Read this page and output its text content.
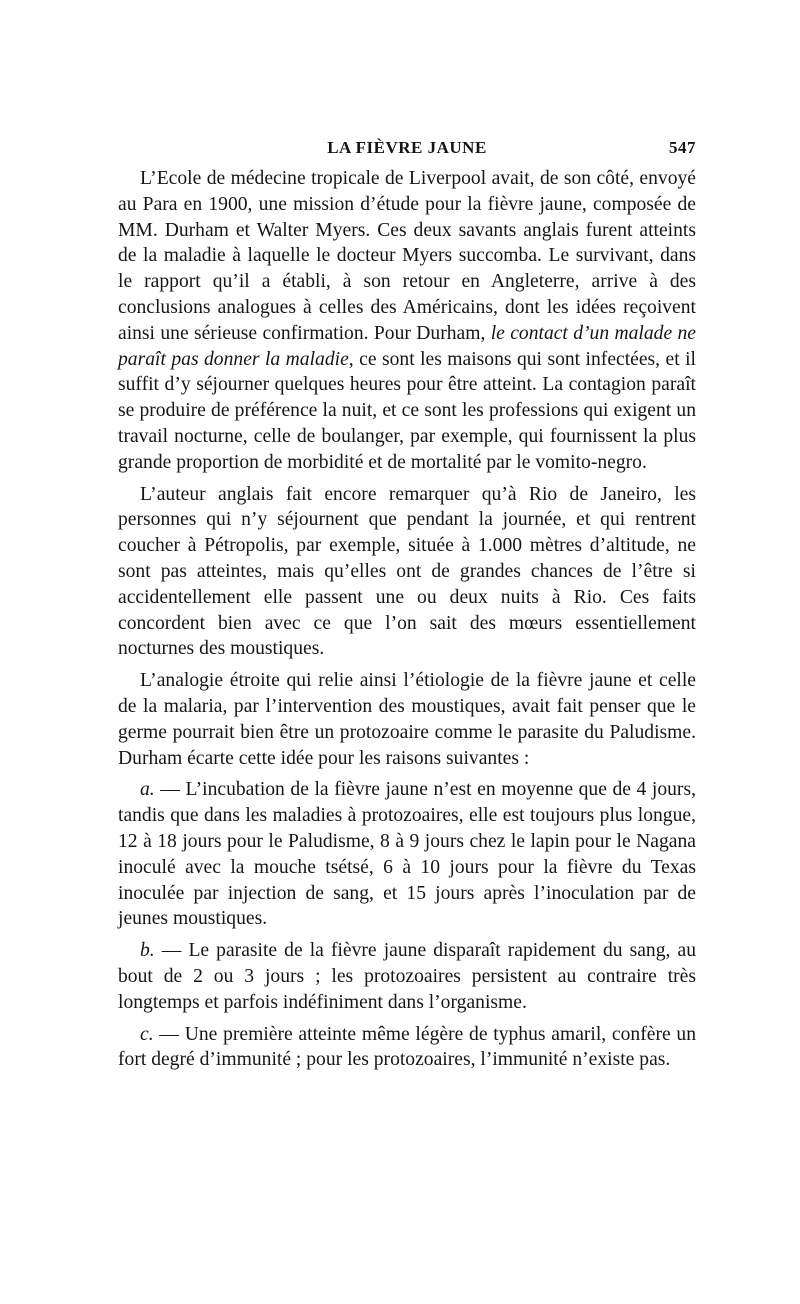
LA FIÈVRE JAUNE	547

L’Ecole de médecine tropicale de Liverpool avait, de son côté, envoyé au Para en 1900, une mission d’étude pour la fièvre jaune, composée de MM. Durham et Walter Myers. Ces deux savants anglais furent atteints de la maladie à laquelle le docteur Myers succomba. Le survivant, dans le rapport qu’il a établi, à son retour en Angleterre, arrive à des conclusions analogues à celles des Américains, dont les idées reçoivent ainsi une sérieuse confirmation. Pour Durham, le contact d’un malade ne paraît pas donner la maladie, ce sont les maisons qui sont infectées, et il suffit d’y séjourner quelques heures pour être atteint. La contagion paraît se produire de préférence la nuit, et ce sont les professions qui exigent un travail nocturne, celle de boulanger, par exemple, qui fournissent la plus grande proportion de morbidité et de mortalité par le vomito-negro.

L’auteur anglais fait encore remarquer qu’à Rio de Janeiro, les personnes qui n’y séjournent que pendant la journée, et qui rentrent coucher à Pétropolis, par exemple, située à 1.000 mètres d’altitude, ne sont pas atteintes, mais qu’elles ont de grandes chances de l’être si accidentellement elle passent une ou deux nuits à Rio. Ces faits concordent bien avec ce que l’on sait des mœurs essentiellement nocturnes des moustiques.

L’analogie étroite qui relie ainsi l’étiologie de la fièvre jaune et celle de la malaria, par l’intervention des moustiques, avait fait penser que le germe pourrait bien être un protozoaire comme le parasite du Paludisme. Durham écarte cette idée pour les raisons suivantes :

a. — L’incubation de la fièvre jaune n’est en moyenne que de 4 jours, tandis que dans les maladies à protozoaires, elle est toujours plus longue, 12 à 18 jours pour le Paludisme, 8 à 9 jours chez le lapin pour le Nagana inoculé avec la mouche tsétsé, 6 à 10 jours pour la fièvre du Texas inoculée par injection de sang, et 15 jours après l’inoculation par de jeunes moustiques.

b. — Le parasite de la fièvre jaune disparaît rapidement du sang, au bout de 2 ou 3 jours ; les protozoaires persistent au contraire très longtemps et parfois indéfiniment dans l’organisme.

c. — Une première atteinte même légère de typhus amaril, confère un fort degré d’immunité ; pour les protozoaires, l’immunité n’existe pas.
